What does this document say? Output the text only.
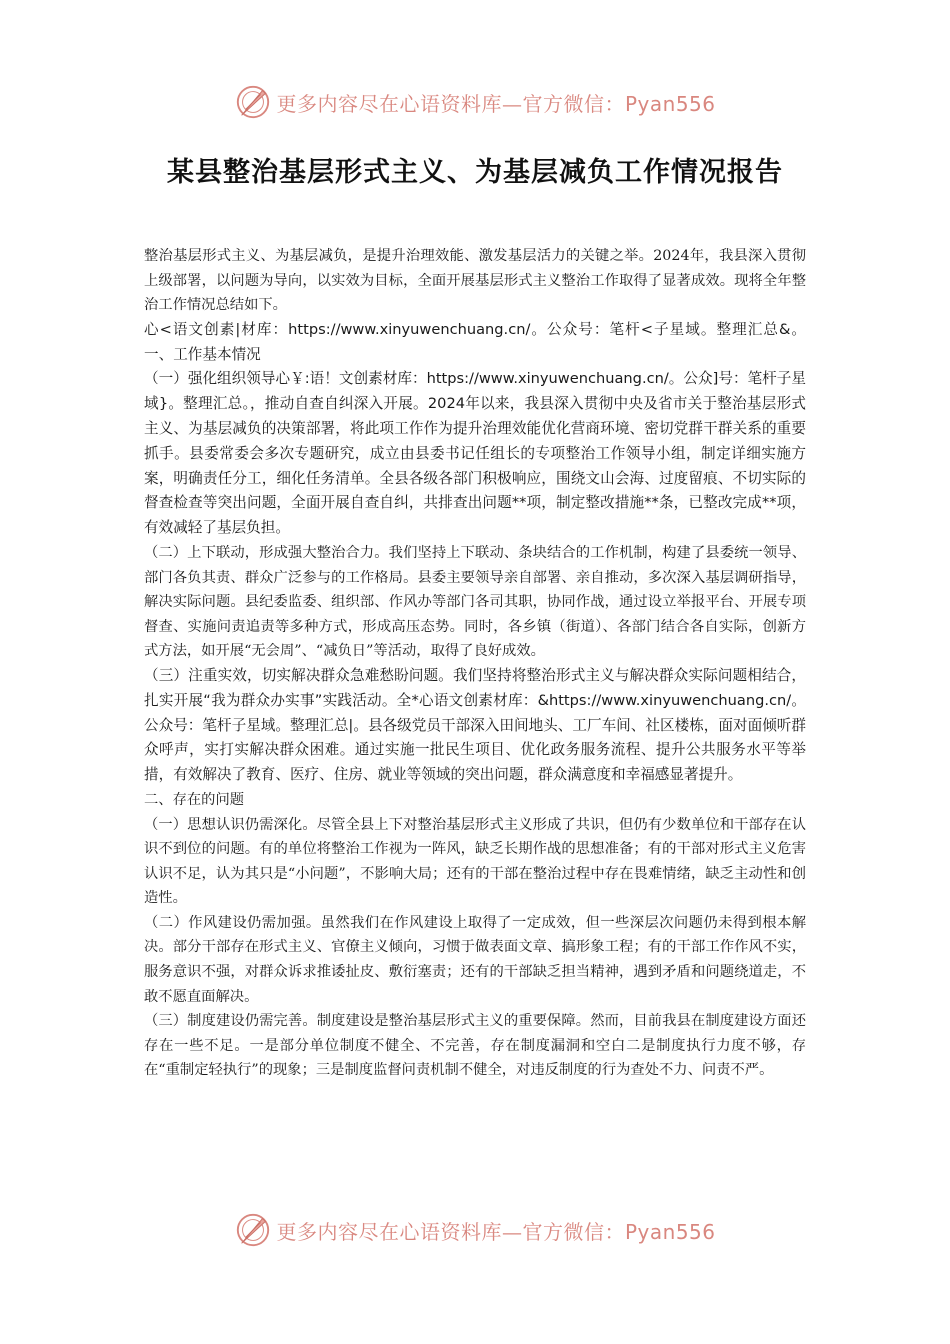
更多内容尽在心语资料库—官方微信：Pyan556
某县整治基层形式主义、为基层减负工作情况报告

整治基层形式主义、为基层减负，是提升治理效能、激发基层活力的关键之举。2024年，我县深入贯彻上级部署，以问题为导向，以实效为目标，全面开展基层形式主义整治工作取得了显著成效。现将全年整治工作情况总结如下。

心<语文创素|材库：https://www.xinyuwenchuang.cn/。公众号：笔杆<子星域。整理汇总&。一、工作基本情况

（一）强化组织领导心￥:语！文创素材库：https://www.xinyuwenchuang.cn/。公众]号：笔杆子星域}。整理汇总。，推动自查自纠深入开展。2024年以来，我县深入贯彻中央及省市关于整治基层形式主义、为基层减负的决策部署，将此项工作作为提升治理效能优化营商环境、密切党群干群关系的重要抓手。县委常委会多次专题研究，成立由县委书记任组长的专项整治工作领导小组，制定详细实施方案，明确责任分工，细化任务清单。全县各级各部门积极响应，围绕文山会海、过度留痕、不切实际的督查检查等突出问题，全面开展自查自纠，共排查出问题**项，制定整改措施**条，已整改完成**项，有效减轻了基层负担。

（二）上下联动，形成强大整治合力。我们坚持上下联动、条块结合的工作机制，构建了县委统一领导、部门各负其责、群众广泛参与的工作格局。县委主要领导亲自部署、亲自推动，多次深入基层调研指导，解决实际问题。县纪委监委、组织部、作风办等部门各司其职，协同作战，通过设立举报平台、开展专项督查、实施问责追责等多种方式，形成高压态势。同时，各乡镇（街道）、各部门结合各自实际，创新方式方法，如开展“无会周”、“减负日”等活动，取得了良好成效。

（三）注重实效，切实解决群众急难愁盼问题。我们坚持将整治形式主义与解决群众实际问题相结合，扎实开展“我为群众办实事”实践活动。全*心语文创素材库：&https://www.xinyuwenchuang.cn/。公众号：笔杆子星域。整理汇总|。县各级党员干部深入田间地头、工厂车间、社区楼栋，面对面倾听群众呼声，实打实解决群众困难。通过实施一批民生项目、优化政务服务流程、提升公共服务水平等举措，有效解决了教育、医疗、住房、就业等领域的突出问题，群众满意度和幸福感显著提升。

二、存在的问题

（一）思想认识仍需深化。尽管全县上下对整治基层形式主义形成了共识，但仍有少数单位和干部存在认识不到位的问题。有的单位将整治工作视为一阵风，缺乏长期作战的思想准备；有的干部对形式主义危害认识不足，认为其只是“小问题”，不影响大局；还有的干部在整治过程中存在畏难情绪，缺乏主动性和创造性。

（二）作风建设仍需加强。虽然我们在作风建设上取得了一定成效，但一些深层次问题仍未得到根本解决。部分干部存在形式主义、官僚主义倾向，习惯于做表面文章、搞形象工程；有的干部工作作风不实，服务意识不强，对群众诉求推诿扯皮、敷衍塞责；还有的干部缺乏担当精神，遇到矛盾和问题绕道走，不敢不愿直面解决。

（三）制度建设仍需完善。制度建设是整治基层形式主义的重要保障。然而，目前我县在制度建设方面还存在一些不足。一是部分单位制度不健全、不完善，存在制度漏洞和空白二是制度执行力度不够，存在“重制定轻执行”的现象；三是制度监督问责机制不健全，对违反制度的行为查处不力、问责不严。

更多内容尽在心语资料库—官方微信：Pyan556
